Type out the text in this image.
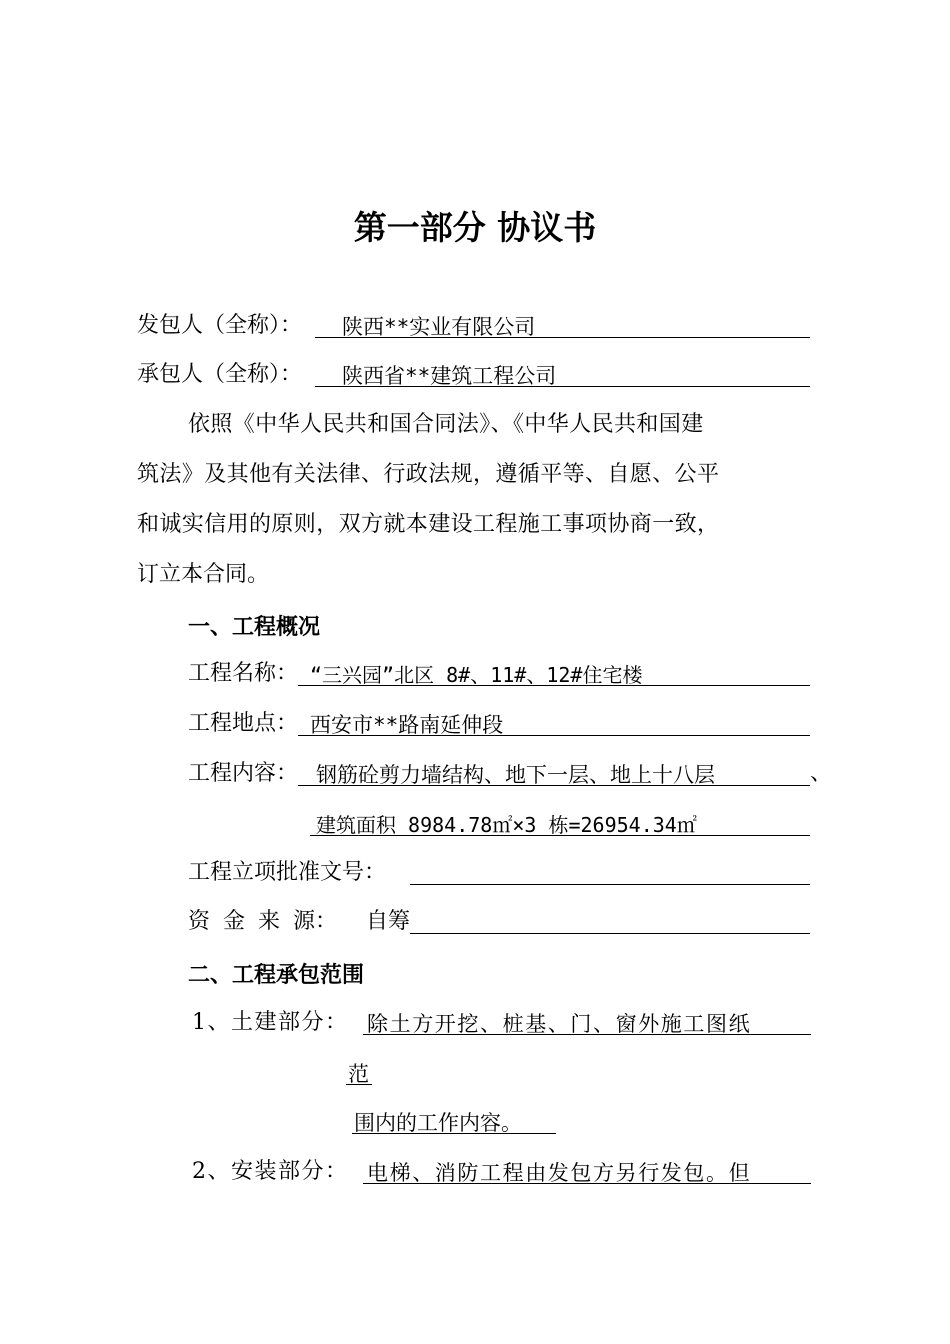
第一部分 协议书
发包人（全称）： 陕西**实业有限公司
承包人（全称）： 陕西省**建筑工程公司
依照《中华人民共和国合同法》、《中华人民共和国建
筑法》及其他有关法律、行政法规，遵循平等、自愿、公平
和诚实信用的原则，双方就本建设工程施工事项协商一致，
订立本合同。
一、工程概况
工程名称： “三兴园”北区 8#、11#、12#住宅楼
工程地点： 西安市**路南延伸段
工程内容： 钢筋砼剪力墙结构、地下一层、地上十八层	、
建筑面积 8984.78㎡×3 栋=26954.34㎡
工程立项批准文号：
资 金 来 源： 自筹
二、工程承包范围
1、土建部分： 除土方开挖、桩基、门、窗外施工图纸
范
围内的工作内容。
2、安装部分： 电梯、消防工程由发包方另行发包。但
